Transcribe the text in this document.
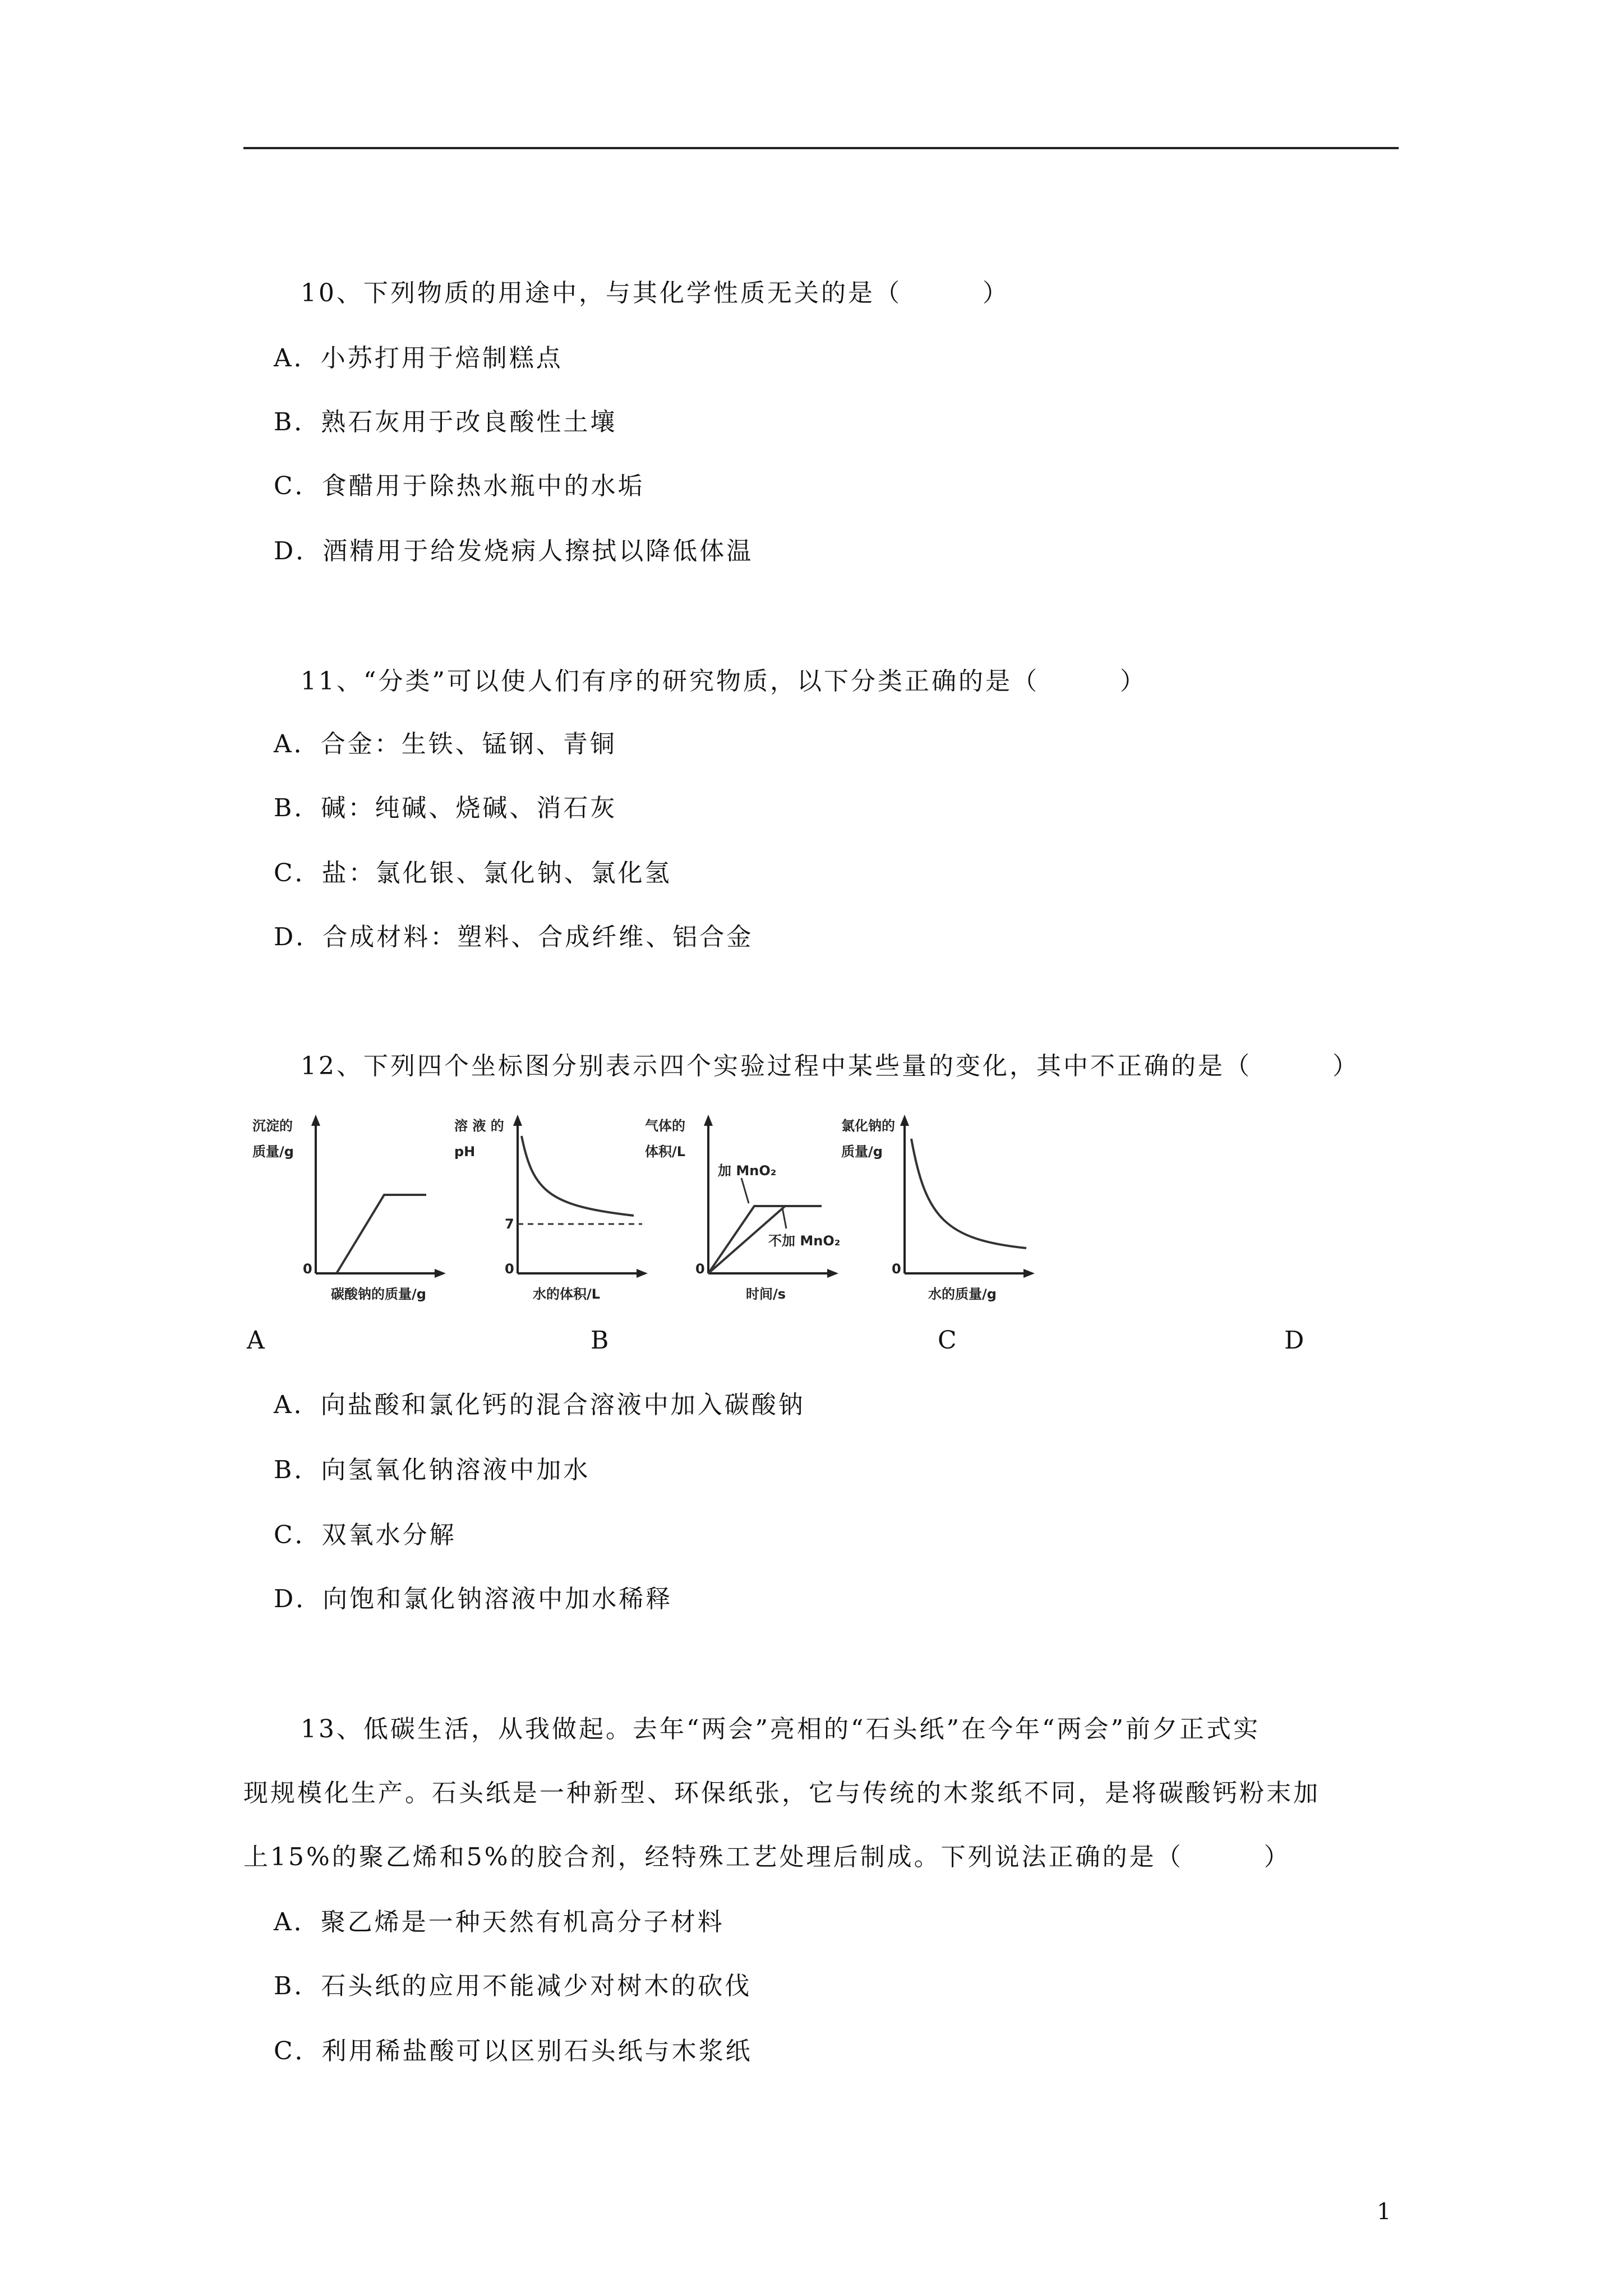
10、下列物质的用途中，与其化学性质无关的是（　　　）
A．小苏打用于焙制糕点
B．熟石灰用于改良酸性土壤
C．食醋用于除热水瓶中的水垢
D．酒精用于给发烧病人擦拭以降低体温
11、“分类”可以使人们有序的研究物质，以下分类正确的是（　　　）
A．合金：生铁、锰钢、青铜
B．碱：纯碱、烧碱、消石灰
C．盐：氯化银、氯化钠、氯化氢
D．合成材料：塑料、合成纤维、铝合金
12、下列四个坐标图分别表示四个实验过程中某些量的变化，其中不正确的是（　　　）
沉淀的
质量/g
0
碳酸钠的质量/g
溶 液 的
pH
7
0
水的体积/L
气体的
体积/L
加 MnO₂
不加 MnO₂
0
时间/s
氯化钠的
质量/g
0
水的质量/g
A	B	C	D
A．向盐酸和氯化钙的混合溶液中加入碳酸钠
B．向氢氧化钠溶液中加水
C．双氧水分解
D．向饱和氯化钠溶液中加水稀释
13、低碳生活，从我做起。去年“两会”亮相的“石头纸”在今年“两会”前夕正式实
现规模化生产。石头纸是一种新型、环保纸张，它与传统的木浆纸不同，是将碳酸钙粉末加
上15%的聚乙烯和5%的胶合剂，经特殊工艺处理后制成。下列说法正确的是（　　　）
A．聚乙烯是一种天然有机高分子材料
B．石头纸的应用不能减少对树木的砍伐
C．利用稀盐酸可以区别石头纸与木浆纸
1
